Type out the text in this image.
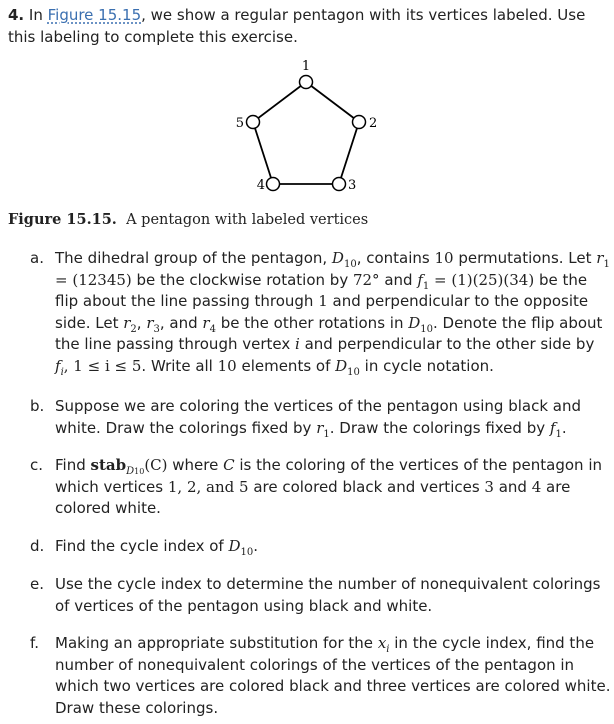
4. In Figure 15.15, we show a regular pentagon with its vertices labeled. Use this labeling to complete this exercise.
1
2
3
4
5
Figure 15.15. A pentagon with labeled vertices
a. The dihedral group of the pentagon, $D_{10}$, contains 10 permutations. Let $r_1 = (12345)$ be the clockwise rotation by 72° and $f_1 = (1)(25)(34)$ be the flip about the line passing through 1 and perpendicular to the opposite side. Let $r_2$, $r_3$, and $r_4$ be the other rotations in $D_{10}$. Denote the flip about the line passing through vertex i and perpendicular to the other side by $f_i$, 1 ≤ i ≤ 5. Write all 10 elements of $D_{10}$ in cycle notation.
b. Suppose we are coloring the vertices of the pentagon using black and white. Draw the colorings fixed by $r_1$. Draw the colorings fixed by $f_1$.
c. Find stab$_{D10}$(C) where C is the coloring of the vertices of the pentagon in which vertices 1, 2, and 5 are colored black and vertices 3 and 4 are colored white.
d. Find the cycle index of $D_{10}$.
e. Use the cycle index to determine the number of nonequivalent colorings of vertices of the pentagon using black and white.
f.	Making an appropriate substitution for the $x_i$ in the cycle index, find the number of nonequivalent colorings of the vertices of the pentagon in which two vertices are colored black and three vertices are colored white. Draw these colorings.
